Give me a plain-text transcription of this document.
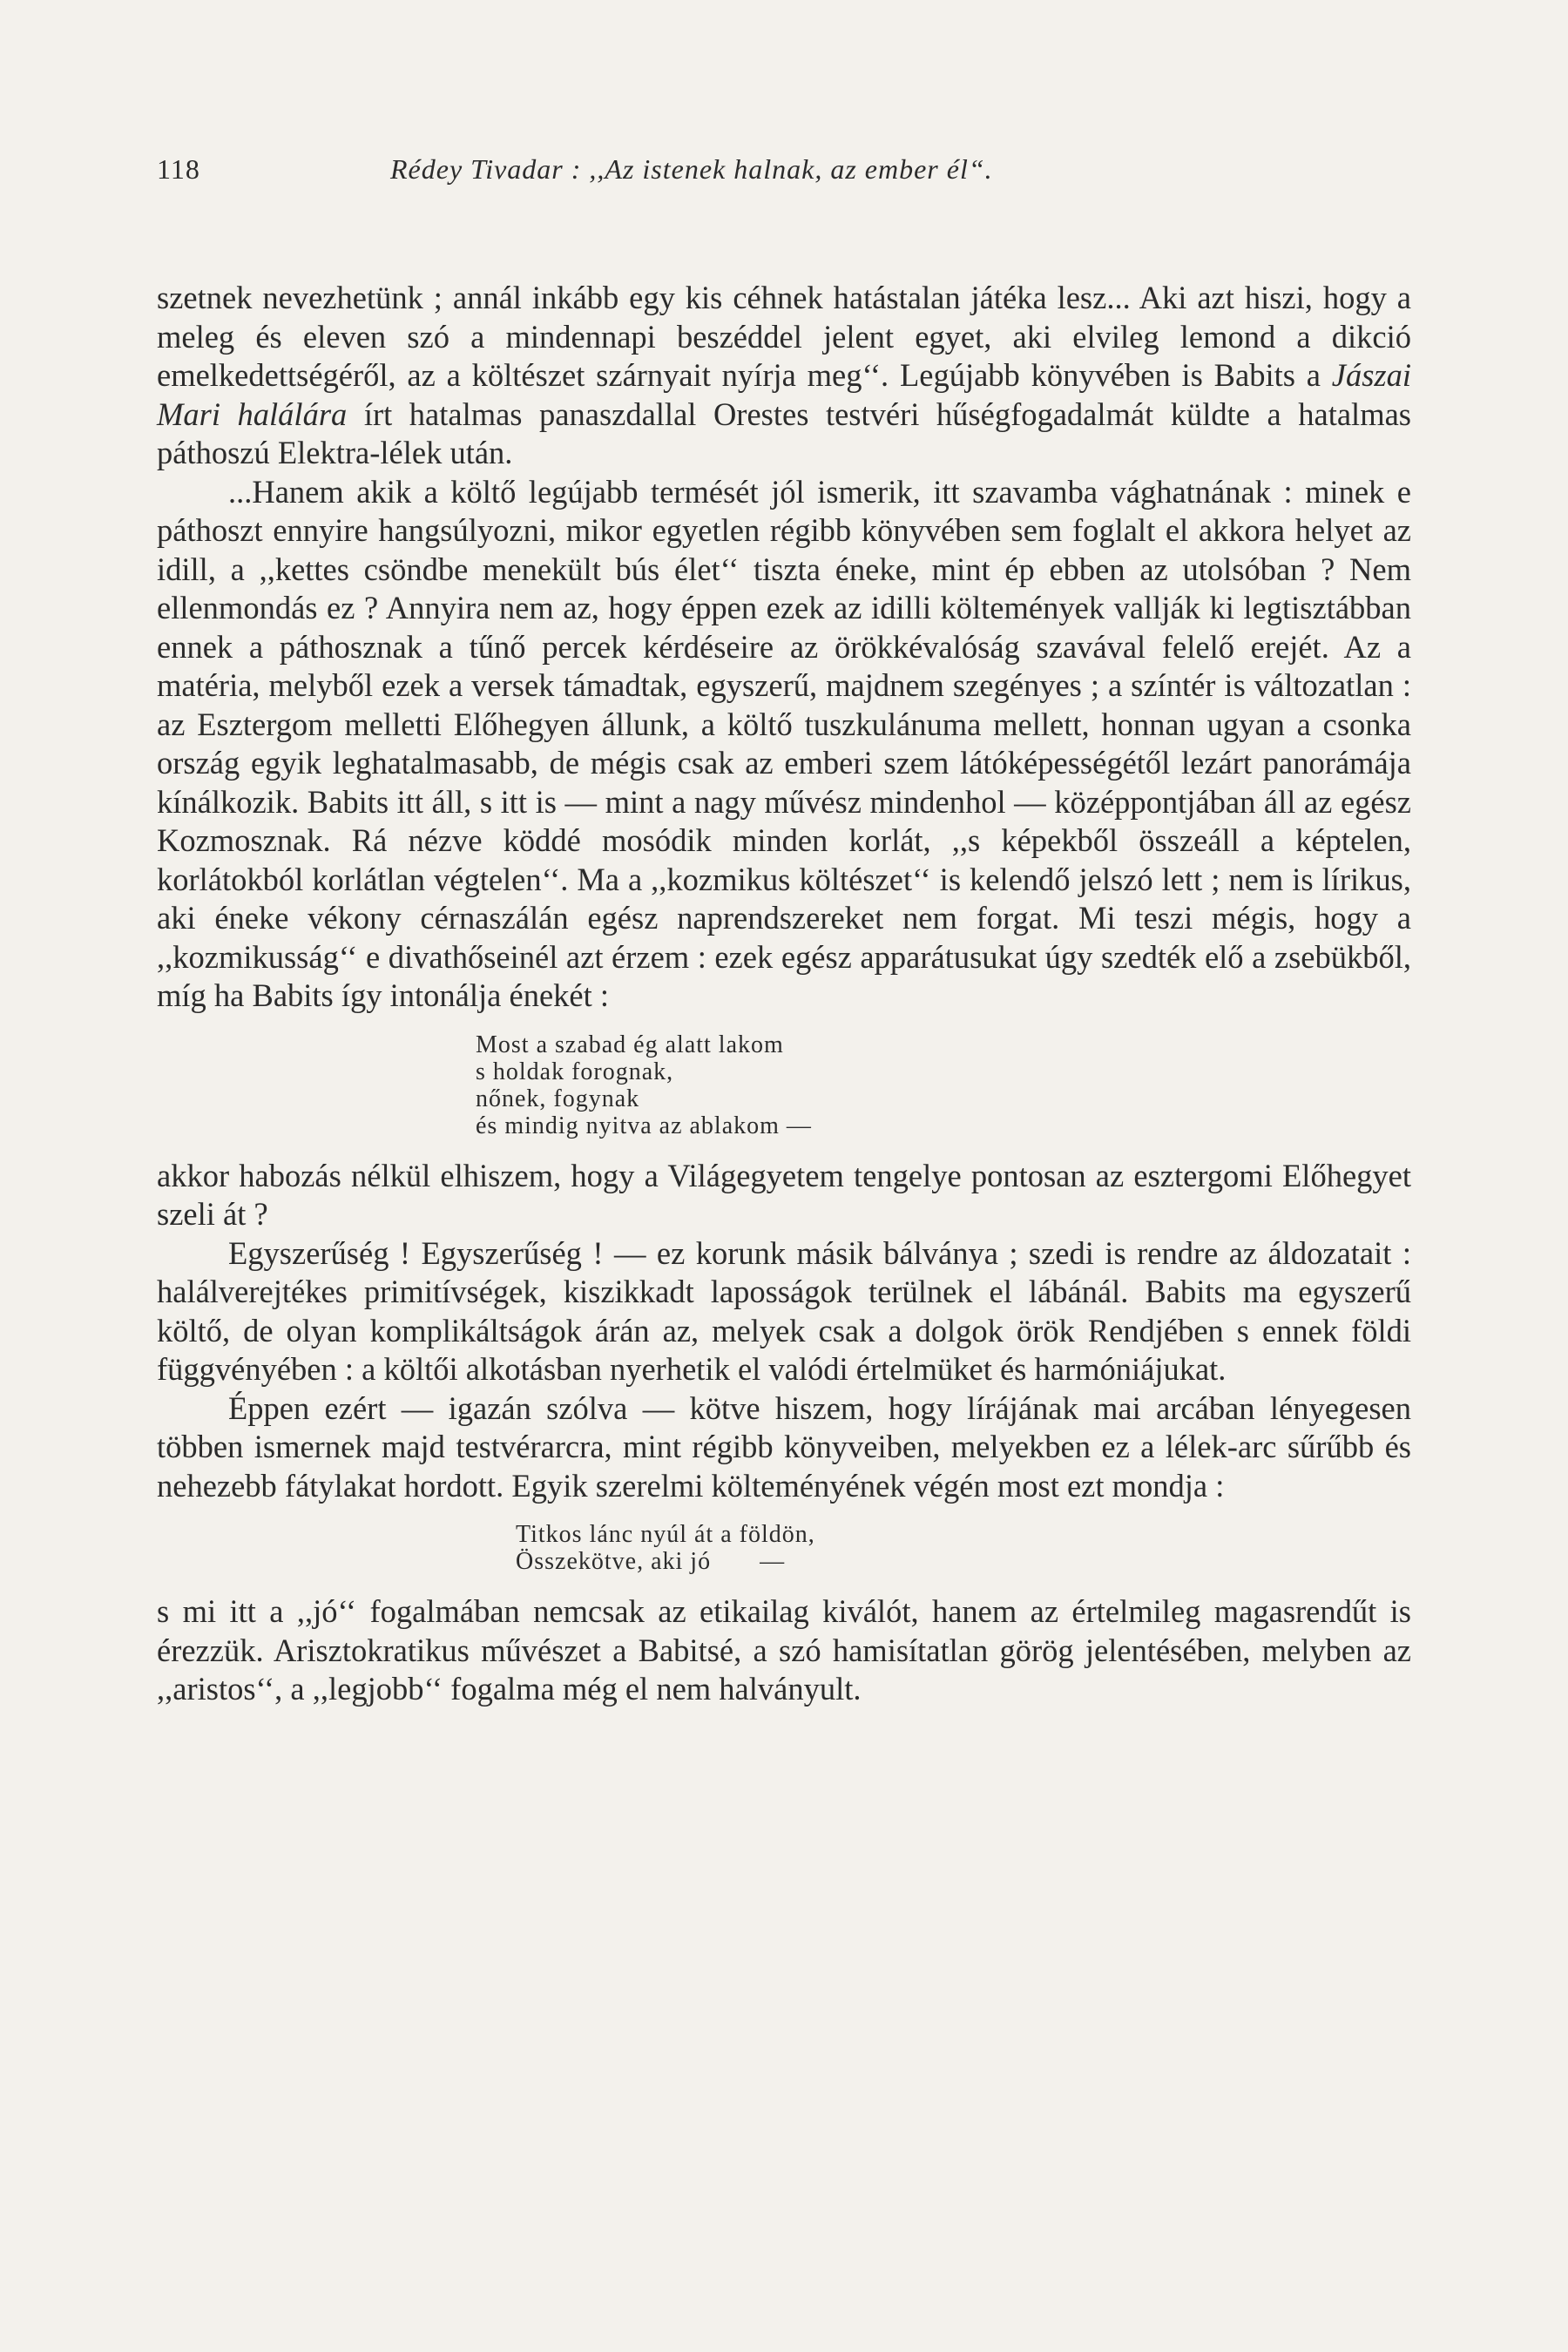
118	Rédey Tivadar : ,,Az istenek halnak, az ember él“.

szetnek nevezhetünk ; annál inkább egy kis céhnek hatástalan játéka lesz... Aki azt hiszi, hogy a meleg és eleven szó a mindennapi beszéddel jelent egyet, aki elvileg lemond a dikció emelkedettségéről, az a költészet szárnyait nyírja meg‘‘. Legújabb könyvében is Babits a Jászai Mari halálára írt hatalmas panaszdallal Orestes testvéri hűségfogadalmát küldte a hatalmas páthoszú Elektra-lélek után.

...Hanem akik a költő legújabb termését jól ismerik, itt szavamba vághatnának : minek e páthoszt ennyire hangsúlyozni, mikor egyetlen régibb könyvében sem foglalt el akkora helyet az idill, a ,,kettes csöndbe menekült bús élet‘‘ tiszta éneke, mint ép ebben az utolsóban ? Nem ellenmondás ez ? Annyira nem az, hogy éppen ezek az idilli költemények vallják ki legtisztábban ennek a páthosznak a tűnő percek kérdéseire az örökkévalóság szavával felelő erejét. Az a matéria, melyből ezek a versek támadtak, egyszerű, majdnem szegényes ; a színtér is változatlan : az Esztergom melletti Előhegyen állunk, a költő tuszkulánuma mellett, honnan ugyan a csonka ország egyik leghatalmasabb, de mégis csak az emberi szem látóképességétől lezárt panorámája kínálkozik. Babits itt áll, s itt is — mint a nagy művész mindenhol — középpontjában áll az egész Kozmosznak. Rá nézve köddé mosódik minden korlát, ,,s képekből összeáll a képtelen, korlátokból korlátlan végtelen‘‘. Ma a ,,kozmikus költészet‘‘ is kelendő jelszó lett ; nem is lírikus, aki éneke vékony cérnaszálán egész naprendszereket nem forgat. Mi teszi mégis, hogy a ,,kozmikusság‘‘ e divathőseinél azt érzem : ezek egész apparátusukat úgy szedték elő a zsebükből, míg ha Babits így intonálja énekét :

Most a szabad ég alatt lakom
s holdak forognak,
nőnek, fogynak
és mindig nyitva az ablakom —

akkor habozás nélkül elhiszem, hogy a Világegyetem tengelye pontosan az esztergomi Előhegyet szeli át ?

Egyszerűség ! Egyszerűség ! — ez korunk másik bálványa ; szedi is rendre az áldozatait : halálverejtékes primitívségek, kiszikkadt laposságok terülnek el lábánál. Babits ma egyszerű költő, de olyan komplikáltságok árán az, melyek csak a dolgok örök Rendjében s ennek földi függvényében : a költői alkotásban nyerhetik el valódi értelmüket és harmóniájukat.

Éppen ezért — igazán szólva — kötve hiszem, hogy lírájának mai arcában lényegesen többen ismernek majd testvérarcra, mint régibb könyveiben, melyekben ez a lélek-arc sűrűbb és nehezebb fátylakat hordott. Egyik szerelmi költeményének végén most ezt mondja :

Titkos lánc nyúl át a földön,
Összekötve, aki jó       —

s mi itt a ,,jó‘‘ fogalmában nemcsak az etikailag kiválót, hanem az értelmileg magasrendűt is érezzük. Arisztokratikus művészet a Babitsé, a szó hamisítatlan görög jelentésében, melyben az ,,aristos‘‘, a ,,legjobb‘‘ fogalma még el nem halványult.
